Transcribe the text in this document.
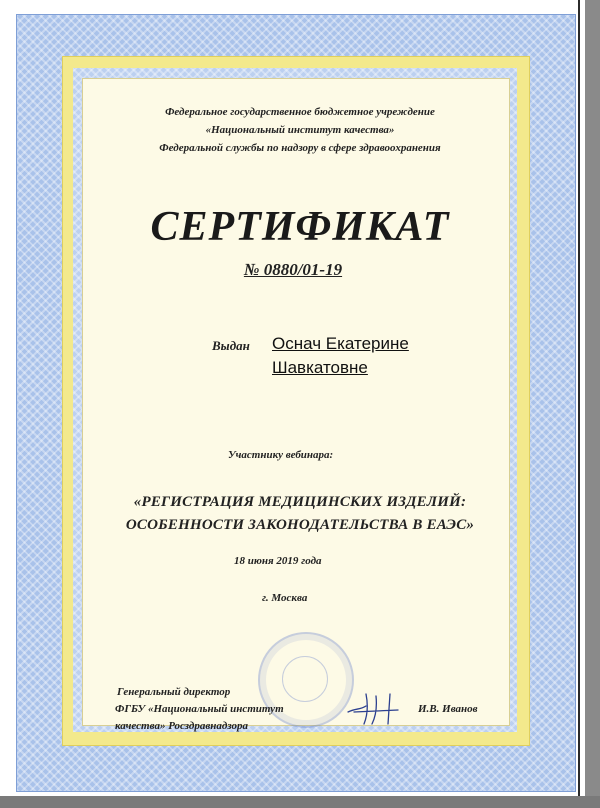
Федеральное государственное бюджетное учреждение
«Национальный институт качества»
Федеральной службы по надзору в сфере здравоохранения
СЕРТИФИКАТ
№ 0880/01-19
Выдан Оснач Екатерине
Шавкатовне
Участнику вебинара:
«РЕГИСТРАЦИЯ МЕДИЦИНСКИХ ИЗДЕЛИЙ:
ОСОБЕННОСТИ ЗАКОНОДАТЕЛЬСТВА В ЕАЭС»
18 июня 2019 года
г. Москва
Генеральный директор
ФГБУ «Национальный институт
качества» Росздравнадзора
И.В. Иванов
